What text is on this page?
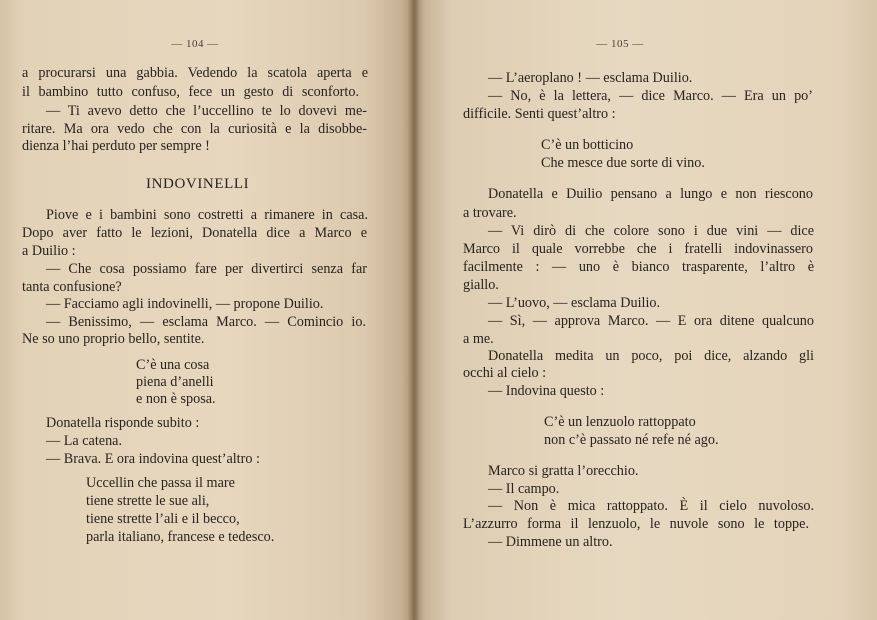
— 104 —
a procurarsi una gabbia. Vedendo la scatola aperta e
il bambino tutto confuso, fece un gesto di sconforto.
— Ti avevo detto che l’uccellino te lo dovevi me-
ritare. Ma ora vedo che con la curiosità e la disobbe-
dienza l’hai perduto per sempre !
INDOVINELLI
Piove e i bambini sono costretti a rimanere in casa.
Dopo aver fatto le lezioni, Donatella dice a Marco e
a Duilio :
— Che cosa possiamo fare per divertirci senza far
tanta confusione?
— Facciamo agli indovinelli, — propone Duilio.
— Benissimo, — esclama Marco. — Comincio io.
Ne so uno proprio bello, sentite.
C’è una cosa
piena d’anelli
e non è sposa.
Donatella risponde subito :
— La catena.
— Brava. E ora indovina quest’altro :
Uccellin che passa il mare
tiene strette le sue ali,
tiene strette l’ali e il becco,
parla italiano, francese e tedesco.
— 105 —
— L’aeroplano ! — esclama Duilio.
— No, è la lettera, — dice Marco. — Era un po’
difficile. Senti quest’altro :
C’è un botticino
Che mesce due sorte di vino.
Donatella e Duilio pensano a lungo e non riescono
a trovare.
— Vi dirò di che colore sono i due vini — dice
Marco il quale vorrebbe che i fratelli indovinassero
facilmente : — uno è bianco trasparente, l’altro è
giallo.
— L’uovo, — esclama Duilio.
— Sì, — approva Marco. — E ora ditene qualcuno
a me.
Donatella medita un poco, poi dice, alzando gli
occhi al cielo :
— Indovina questo :
C’è un lenzuolo rattoppato
non c’è passato né refe né ago.
Marco si gratta l’orecchio.
— Il campo.
— Non è mica rattoppato. È il cielo nuvoloso.
L’azzurro forma il lenzuolo, le nuvole sono le toppe.
— Dimmene un altro.
